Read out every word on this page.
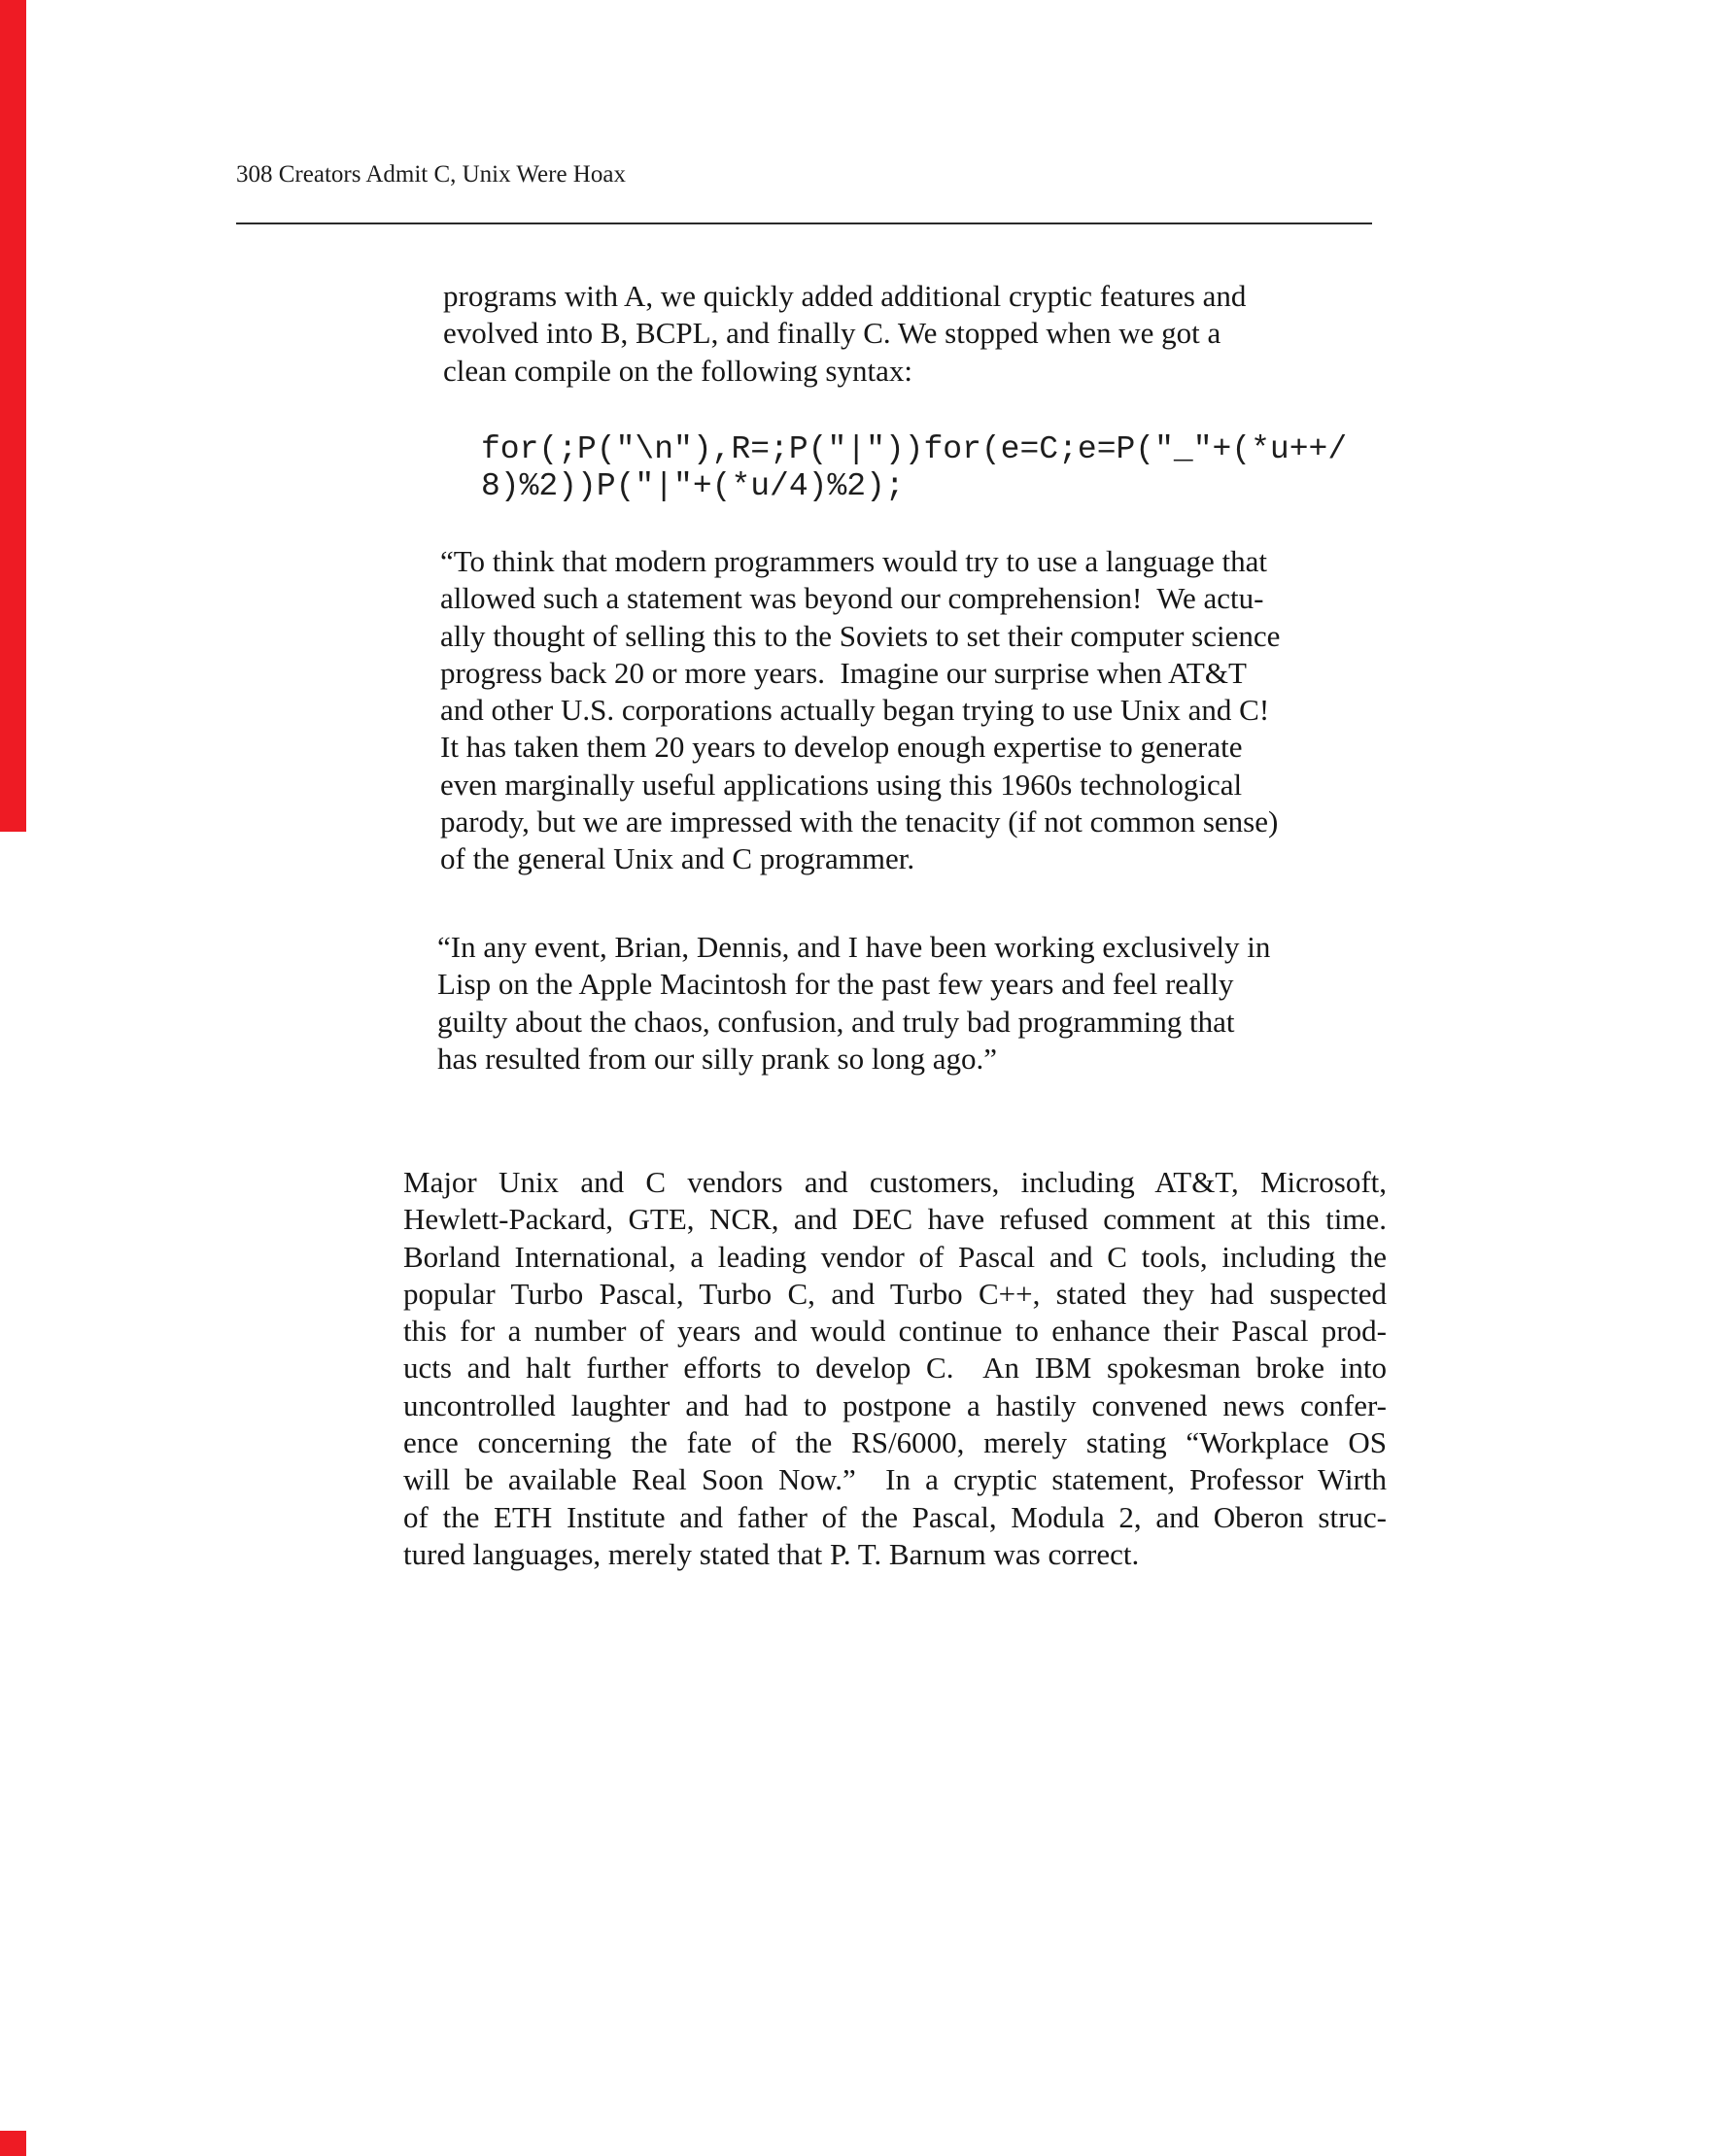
308 Creators Admit C, Unix Were Hoax
programs with A, we quickly added additional cryptic features and
evolved into B, BCPL, and finally C. We stopped when we got a
clean compile on the following syntax:
for(;P("\n"),R=;P("|"))for(e=C;e=P("_"+(*u++/
8)%2))P("|"+(*u/4)%2);
“To think that modern programmers would try to use a language that
allowed such a statement was beyond our comprehension!  We actu-
ally thought of selling this to the Soviets to set their computer science
progress back 20 or more years.  Imagine our surprise when AT&T
and other U.S. corporations actually began trying to use Unix and C!
It has taken them 20 years to develop enough expertise to generate
even marginally useful applications using this 1960s technological
parody, but we are impressed with the tenacity (if not common sense)
of the general Unix and C programmer.
“In any event, Brian, Dennis, and I have been working exclusively in
Lisp on the Apple Macintosh for the past few years and feel really
guilty about the chaos, confusion, and truly bad programming that
has resulted from our silly prank so long ago.”
Major Unix and C vendors and customers, including AT&T, Microsoft,
Hewlett-Packard, GTE, NCR, and DEC have refused comment at this time.
Borland International, a leading vendor of Pascal and C tools, including the
popular Turbo Pascal, Turbo C, and Turbo C++, stated they had suspected
this for a number of years and would continue to enhance their Pascal prod-
ucts and halt further efforts to develop C.  An IBM spokesman broke into
uncontrolled laughter and had to postpone a hastily convened news confer-
ence concerning the fate of the RS/6000, merely stating “Workplace OS
will be available Real Soon Now.”  In a cryptic statement, Professor Wirth
of the ETH Institute and father of the Pascal, Modula 2, and Oberon struc-
tured languages, merely stated that P. T. Barnum was correct.
